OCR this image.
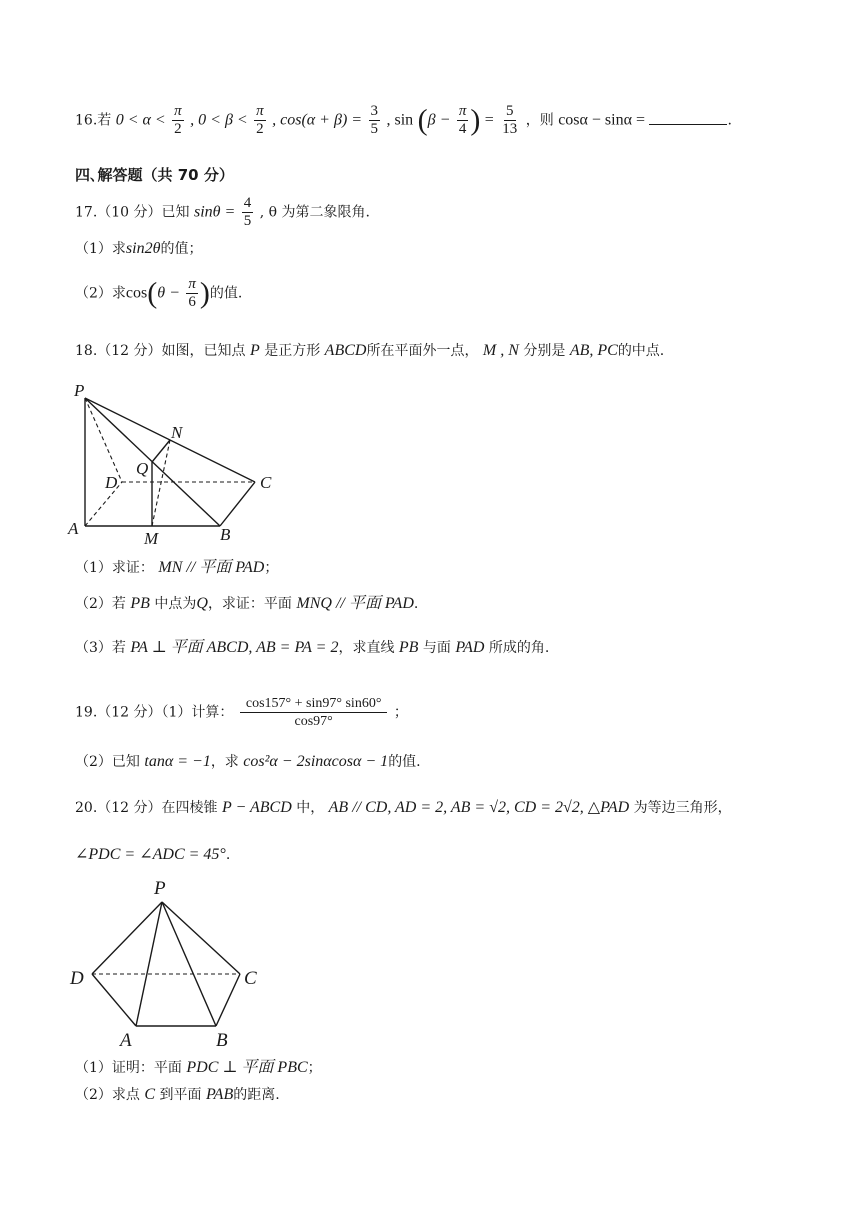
16.若 $0 < \alpha < \frac{\pi}{2}$ , $0 < \beta < \frac{\pi}{2}$ , $\cos(\alpha + \beta) = \frac{3}{5}$ , $\sin (\beta - \frac{\pi}{4}$ ) = $\frac{5}{13}$ ，则 cosα − sinα =	.
四､解答题（共 70 分）
17.（10 分）已知 $\sin\theta = \frac{4}{5}$ , θ 为第二象限角.
（1）求sin2θ的值；
（2）求$\cos(\theta - \frac{\pi}{6}$ )的值.
18.（12 分）如图，已知点 P 是正方形 ABCD所在平面外一点， M , N 分别是 AB, PC的中点.
P
N
Q
D	C
A
M	B
（1）求证： MN // 平面 PAD；
（2）若 PB 中点为Q，求证：平面 MNQ // 平面 PAD.
（3）若 PA ⊥ 平面 ABCD, AB = PA = 2，求直线 PB 与面 PAD 所成的角.
19.（12 分）（1）计算： $\frac{\cos 157^\circ + \sin 97^\circ \sin 60^\circ}{\cos 97^\circ}$ ；
（2）已知 tanα = −1，求 cos²α − 2sinαcosα − 1的值.
20.（12 分）在四棱锥 P − ABCD 中， AB // CD, AD = 2, AB = √2, CD = 2√2, △PAD 为等边三角形，
∠PDC = ∠ADC = 45°.
P
D	C
A	B
（1）证明：平面 PDC ⊥ 平面 PBC；
（2）求点 C 到平面 PAB的距离.
